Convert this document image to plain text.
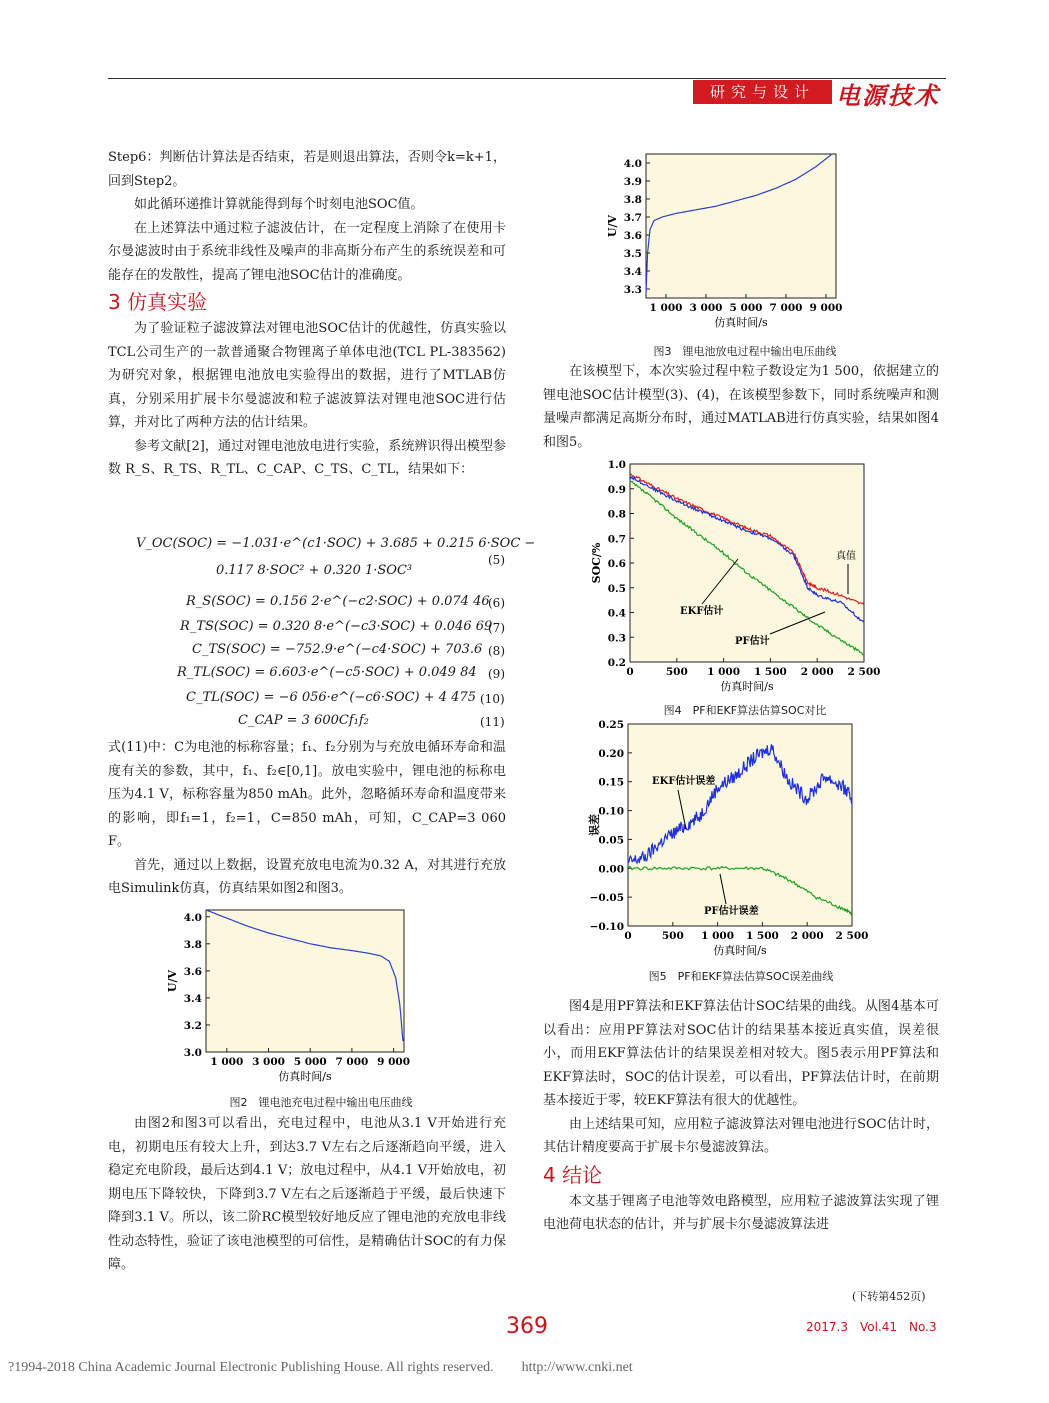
研究与设计 电源技术

Step6：判断估计算法是否结束，若是则退出算法，否则令k=k+1，回到Step2。

如此循环递推计算就能得到每个时刻电池SOC值。

在上述算法中通过粒子滤波估计，在一定程度上消除了在使用卡尔曼滤波时由于系统非线性及噪声的非高斯分布产生的系统误差和可能存在的发散性，提高了锂电池SOC估计的准确度。

3 仿真实验

为了验证粒子滤波算法对锂电池SOC估计的优越性，仿真实验以TCL公司生产的一款普通聚合物锂离子单体电池(TCL PL-383562)为研究对象，根据锂电池放电实验得出的数据，进行了MTLAB仿真，分别采用扩展卡尔曼滤波和粒子滤波算法对锂电池SOC进行估算，并对比了两种方法的估计结果。

参考文献[2]，通过对锂电池放电进行实验，系统辨识得出模型参数 R_S、R_TS、R_TL、C_CAP、C_TS、C_TL，结果如下：

V_OC(SOC) = −1.031·e^(c1·SOC) + 3.685 + 0.215 6·SOC −
0.117 8·SOC² + 0.320 1·SOC³
(5)
R_S(SOC) = 0.156 2·e^(−c2·SOC) + 0.074 46
(6)
R_TS(SOC) = 0.320 8·e^(−c3·SOC) + 0.046 69
(7)
C_TS(SOC) = −752.9·e^(−c4·SOC) + 703.6 (8)
R_TL(SOC) = 6.603·e^(−c5·SOC) + 0.049 84 (9)
C_TL(SOC) = −6 056·e^(−c6·SOC) + 4 475 (10)
C_CAP = 3 600Cf₁f₂	(11)

式(11)中：C为电池的标称容量；f₁、f₂分别为与充放电循环寿命和温度有关的参数，其中，f₁、f₂∈[0,1]。放电实验中，锂电池的标称电压为4.1 V，标称容量为850 mAh。此外，忽略循环寿命和温度带来的影响，即f₁=1，f₂=1，C=850 mAh，可知，C_CAP=3 060 F。

首先，通过以上数据，设置充放电电流为0.32 A，对其进行充放电Simulink仿真，仿真结果如图2和图3。

3.0
3.2
3.4
3.6
3.8
4.0
1 000 3 000 5 000 7 000 9 000
仿真时间/s
U/V
图2　锂电池充电过程中输出电压曲线

由图2和图3可以看出，充电过程中，电池从3.1 V开始进行充电，初期电压有较大上升，到达3.7 V左右之后逐渐趋向平缓，进入稳定充电阶段，最后达到4.1 V；放电过程中，从4.1 V开始放电，初期电压下降较快，下降到3.7 V左右之后逐渐趋于平缓，最后快速下降到3.1 V。所以，该二阶RC模型较好地反应了锂电池的充放电非线性动态特性，验证了该电池模型的可信性，是精确估计SOC的有力保障。

3.3
3.4
3.5
3.6
3.7
3.8
3.9
4.0
1 000 3 000 5 000 7 000 9 000
仿真时间/s
U/V
图3　锂电池放电过程中输出电压曲线

在该模型下，本次实验过程中粒子数设定为1 500，依据建立的锂电池SOC估计模型(3)、(4)，在该模型参数下，同时系统噪声和测量噪声都满足高斯分布时，通过MATLAB进行仿真实验，结果如图4和图5。

0.2
0.3
0.4
0.5
0.6
0.7
0.8
0.9
1.0
0	500 1 000 1 500 2 000 2 500
仿真时间/s
SOC/%	真值
EKF估计
PF估计
图4　PF和EKF算法估算SOC对比
−0.10
−0.05
0.00
0.05
0.10
0.15
0.20
0.25
0	500 1 000 1 500 2 000 2 500
仿真时间/s
误差
EKF估计误差
PF估计误差
图5　PF和EKF算法估算SOC误差曲线

图4是用PF算法和EKF算法估计SOC结果的曲线。从图4基本可以看出：应用PF算法对SOC估计的结果基本接近真实值，误差很小，而用EKF算法估计的结果误差相对较大。图5表示用PF算法和EKF算法时，SOC的估计误差，可以看出，PF算法估计时，在前期基本接近于零，较EKF算法有很大的优越性。

由上述结果可知，应用粒子滤波算法对锂电池进行SOC估计时，其估计精度要高于扩展卡尔曼滤波算法。

4 结论

本文基于锂离子电池等效电路模型，应用粒子滤波算法实现了锂电池荷电状态的估计，并与扩展卡尔曼滤波算法进

(下转第452页)
369	2017.3　Vol.41　No.3
?1994-2018 China Academic Journal Electronic Publishing House. All rights reserved.　　http://www.cnki.net
